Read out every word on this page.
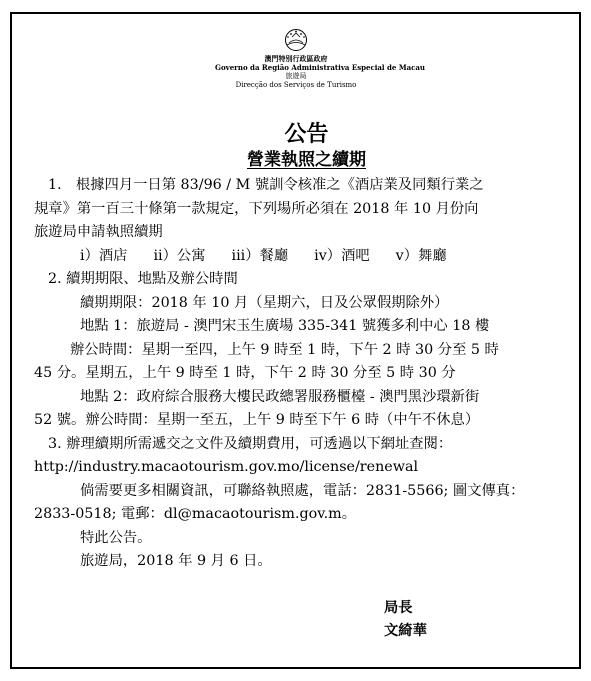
澳門特別行政區政府
Governo da Região Administrativa Especial de Macau
旅遊局
Direcção dos Serviços de Turismo
公告
營業執照之續期
1.　根據四月一日第 83/96 / M 號訓令核准之《酒店業及同類行業之
規章》第一百三十條第一款規定，下列場所必須在 2018 年 10 月份向
旅遊局申請執照續期
i）酒店 ii）公寓 iii）餐廳 iv）酒吧 v）舞廳
2. 續期期限、地點及辦公時間
續期期限：2018 年 10 月（星期六，日及公眾假期除外）
地點 1：旅遊局 - 澳門宋玉生廣場 335-341 號獲多利中心 18 樓
辦公時間：星期一至四，上午 9 時至 1 時，下午 2 時 30 分至 5 時
45 分。星期五，上午 9 時至 1 時，下午 2 時 30 分至 5 時 30 分
地點 2：政府綜合服務大樓民政總署服務櫃檯 - 澳門黑沙環新街
52 號。辦公時間：星期一至五，上午 9 時至下午 6 時（中午不休息）
3. 辦理續期所需遞交之文件及續期費用，可透過以下網址查閱：
http://industry.macaotourism.gov.mo/license/renewal
倘需要更多相關資訊，可聯絡執照處，電話：2831-5566; 圖文傳真：
2833-0518; 電郵：dl@macaotourism.gov.m。
特此公告。
旅遊局，2018 年 9 月 6 日。
局長
文綺華
